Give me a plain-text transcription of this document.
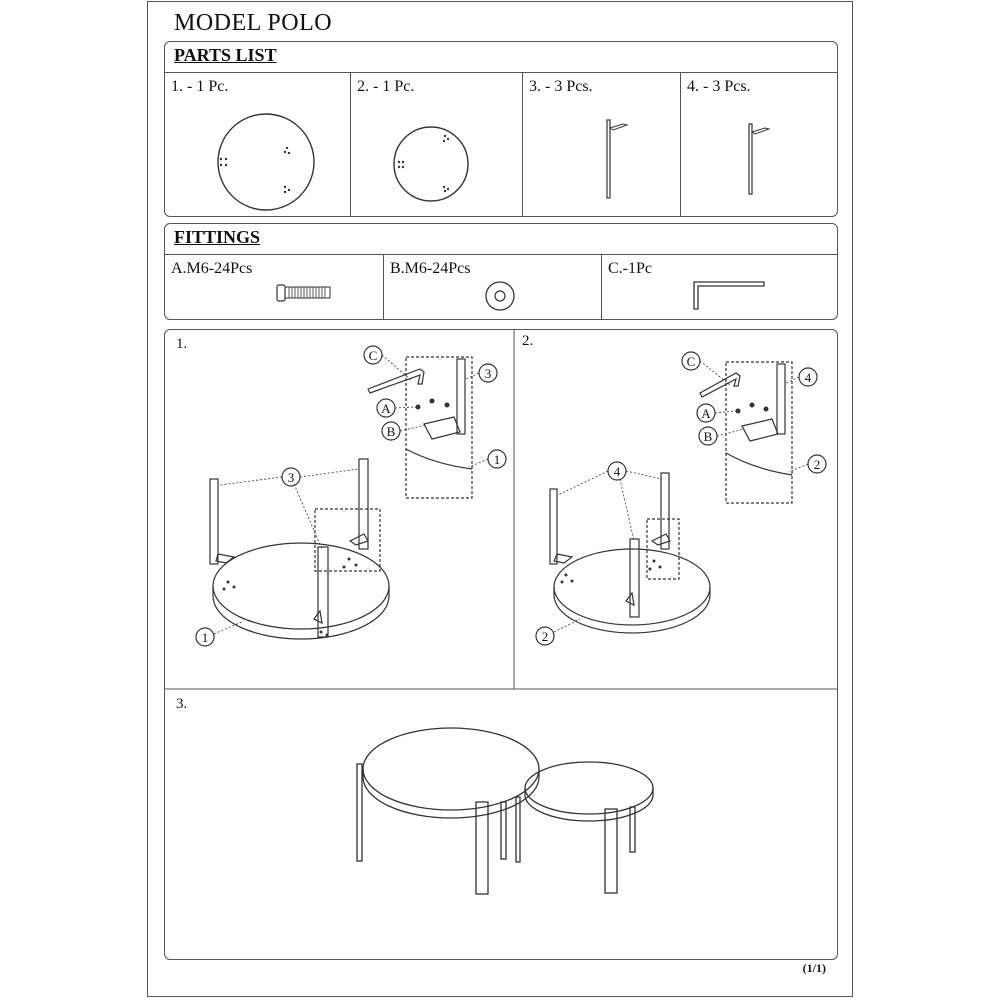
MODEL POLO
PARTS LIST
1. - 1 Pc.	2. - 1 Pc.	3. - 3 Pcs.	4. - 3 Pcs.
FITTINGS
A.M6-24Pcs	B.M6-24Pcs	C.-1Pc
1.	2.
3.
C
A
B
3
1
3
1
C
A
B
4
2
4
2
(1/1)
